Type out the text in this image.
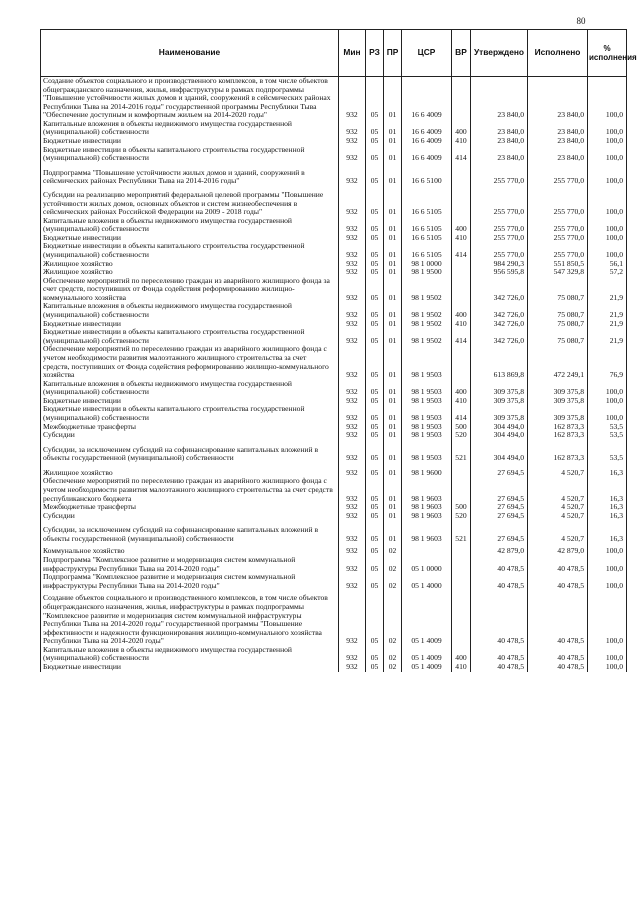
80
Наименование	Мин	РЗ	ПР	ЦСР	ВР	Утверждено	Исполнено	% исполнения
Создание объектов социального и производственного комплексов, в том числе объектов общегражданского назначения, жилья, инфраструктуры в рамках подпрограммы "Повышение устойчивости жилых домов и зданий, сооружений в сейсмических районах Республики Тыва на 2014-2016 годы" государственной программы Республики Тыва "Обеспечение доступным и комфортным жильем на 2014-2020 годы"	932	05	01	16 6 4009		23 840,0	23 840,0	100,0
Капитальные вложения в объекты недвижимого имущества государственной (муниципальной) собственности	932	05	01	16 6 4009	400	23 840,0	23 840,0	100,0
Бюджетные инвестиции	932	05	01	16 6 4009	410	23 840,0	23 840,0	100,0
Бюджетные инвестиции в объекты капитального строительства государственной (муниципальной) собственности	932	05	01	16 6 4009	414	23 840,0	23 840,0	100,0
Подпрограмма "Повышение устойчивости жилых домов и зданий, сооружений в сейсмических районах Республики Тыва на 2014-2016 годы"	932	05	01	16 6 5100		255 770,0	255 770,0	100,0
Субсидии на реализацию мероприятий федеральной целевой программы "Повышение устойчивости жилых домов, основных объектов и систем жизнеобеспечения в сейсмических районах Российской Федерации на 2009 - 2018 годы"	932	05	01	16 6 5105		255 770,0	255 770,0	100,0
Капитальные вложения в объекты недвижимого имущества государственной (муниципальной) собственности	932	05	01	16 6 5105	400	255 770,0	255 770,0	100,0
Бюджетные инвестиции	932	05	01	16 6 5105	410	255 770,0	255 770,0	100,0
Бюджетные инвестиции в объекты капитального строительства государственной (муниципальной) собственности	932	05	01	16 6 5105	414	255 770,0	255 770,0	100,0
Жилищное хозяйство	932	05	01	98 1 0000		984 290,3	551 850,5	56,1
Жилищное хозяйство	932	05	01	98 1 9500		956 595,8	547 329,8	57,2
Обеспечение мероприятий по переселению граждан из аварийного жилищного фонда за счет средств, поступивших от Фонда содействия реформированию жилищно-коммунального хозяйства	932	05	01	98 1 9502		342 726,0	75 080,7	21,9
Капитальные вложения в объекты недвижимого имущества государственной (муниципальной) собственности	932	05	01	98 1 9502	400	342 726,0	75 080,7	21,9
Бюджетные инвестиции	932	05	01	98 1 9502	410	342 726,0	75 080,7	21,9
Бюджетные инвестиции в объекты капитального строительства государственной (муниципальной) собственности	932	05	01	98 1 9502	414	342 726,0	75 080,7	21,9
Обеспечение мероприятий по переселению граждан из аварийного жилищного фонда с учетом необходимости развития малоэтажного жилищного строительства за счет средств, поступивших от Фонда содействия реформированию жилищно-коммунального хозяйства	932	05	01	98 1 9503		613 869,8	472 249,1	76,9
Капитальные вложения в объекты недвижимого имущества государственной (муниципальной) собственности	932	05	01	98 1 9503	400	309 375,8	309 375,8	100,0
Бюджетные инвестиции	932	05	01	98 1 9503	410	309 375,8	309 375,8	100,0
Бюджетные инвестиции в объекты капитального строительства государственной (муниципальной) собственности	932	05	01	98 1 9503	414	309 375,8	309 375,8	100,0
Межбюджетные трансферты	932	05	01	98 1 9503	500	304 494,0	162 873,3	53,5
Субсидии	932	05	01	98 1 9503	520	304 494,0	162 873,3	53,5
Субсидии, за исключением субсидий на софинансирование капитальных вложений в объекты государственной (муниципальной) собственности	932	05	01	98 1 9503	521	304 494,0	162 873,3	53,5
Жилищное хозяйство	932	05	01	98 1 9600		27 694,5	4 520,7	16,3
Обеспечение мероприятий по переселению граждан из аварийного жилищного фонда с учетом необходимости развития малоэтажного жилищного строительства за счет средств республиканского бюджета	932	05	01	98 1 9603		27 694,5	4 520,7	16,3
Межбюджетные трансферты	932	05	01	98 1 9603	500	27 694,5	4 520,7	16,3
Субсидии	932	05	01	98 1 9603	520	27 694,5	4 520,7	16,3
Субсидии, за исключением субсидий на софинансирование капитальных вложений в объекты государственной (муниципальной) собственности	932	05	01	98 1 9603	521	27 694,5	4 520,7	16,3
Коммунальное хозяйство	932	05	02			42 879,0	42 879,0	100,0
Подпрограмма "Комплексное развитие и модернизация систем коммунальной инфраструктуры Республики Тыва на 2014-2020 годы"	932	05	02	05 1 0000		40 478,5	40 478,5	100,0
Подпрограмма "Комплексное развитие и модернизация систем коммунальной инфраструктуры Республики Тыва на 2014-2020 годы"	932	05	02	05 1 4000		40 478,5	40 478,5	100,0
Создание объектов социального и производственного комплексов, в том числе объектов общегражданского назначения, жилья, инфраструктуры в рамках подпрограммы "Комплексное развитие и модернизация систем коммунальной инфраструктуры Республики Тыва на 2014-2020 годы" государственной программы "Повышение эффективности и надежности функционирования жилищно-коммунального хозяйства Республики Тыва на 2014-2020 годы"	932	05	02	05 1 4009		40 478,5	40 478,5	100,0
Капитальные вложения в объекты недвижимого имущества государственной (муниципальной) собственности	932	05	02	05 1 4009	400	40 478,5	40 478,5	100,0
Бюджетные инвестиции	932	05	02	05 1 4009	410	40 478,5	40 478,5	100,0
